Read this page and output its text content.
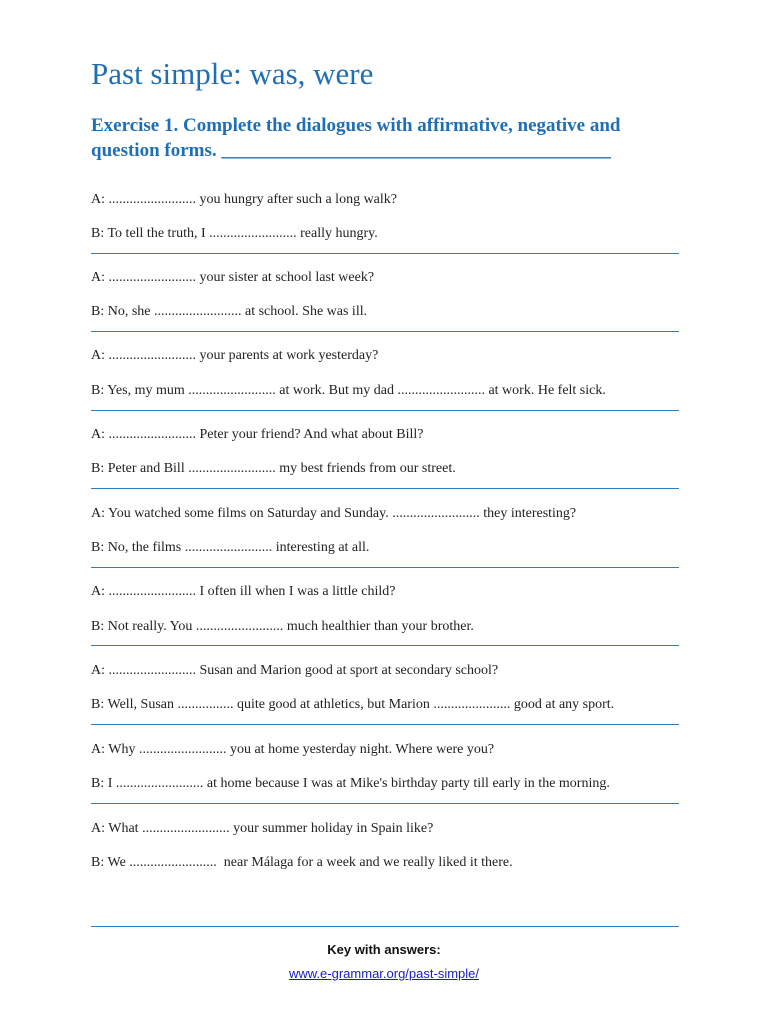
Past simple: was, were

Exercise 1. Complete the dialogues with affirmative, negative and question forms. _________________________________________

A: ......................... you hungry after such a long walk?
B: To tell the truth, I ......................... really hungry.
A: ......................... your sister at school last week?
B: No, she ......................... at school. She was ill.
A: ......................... your parents at work yesterday?
B: Yes, my mum ......................... at work. But my dad ......................... at work. He felt sick.
A: ......................... Peter your friend? And what about Bill?
B: Peter and Bill ......................... my best friends from our street.
A: You watched some films on Saturday and Sunday. ......................... they interesting?
B: No, the films ......................... interesting at all.
A: ......................... I often ill when I was a little child?
B: Not really. You ......................... much healthier than your brother.
A: ......................... Susan and Marion good at sport at secondary school?
B: Well, Susan ................ quite good at athletics, but Marion ...................... good at any sport.
A: Why ......................... you at home yesterday night. Where were you?
B: I ......................... at home because I was at Mike's birthday party till early in the morning.
A: What ......................... your summer holiday in Spain like?
B: We .........................  near Málaga for a week and we really liked it there.
Key with answers:
www.e-grammar.org/past-simple/
